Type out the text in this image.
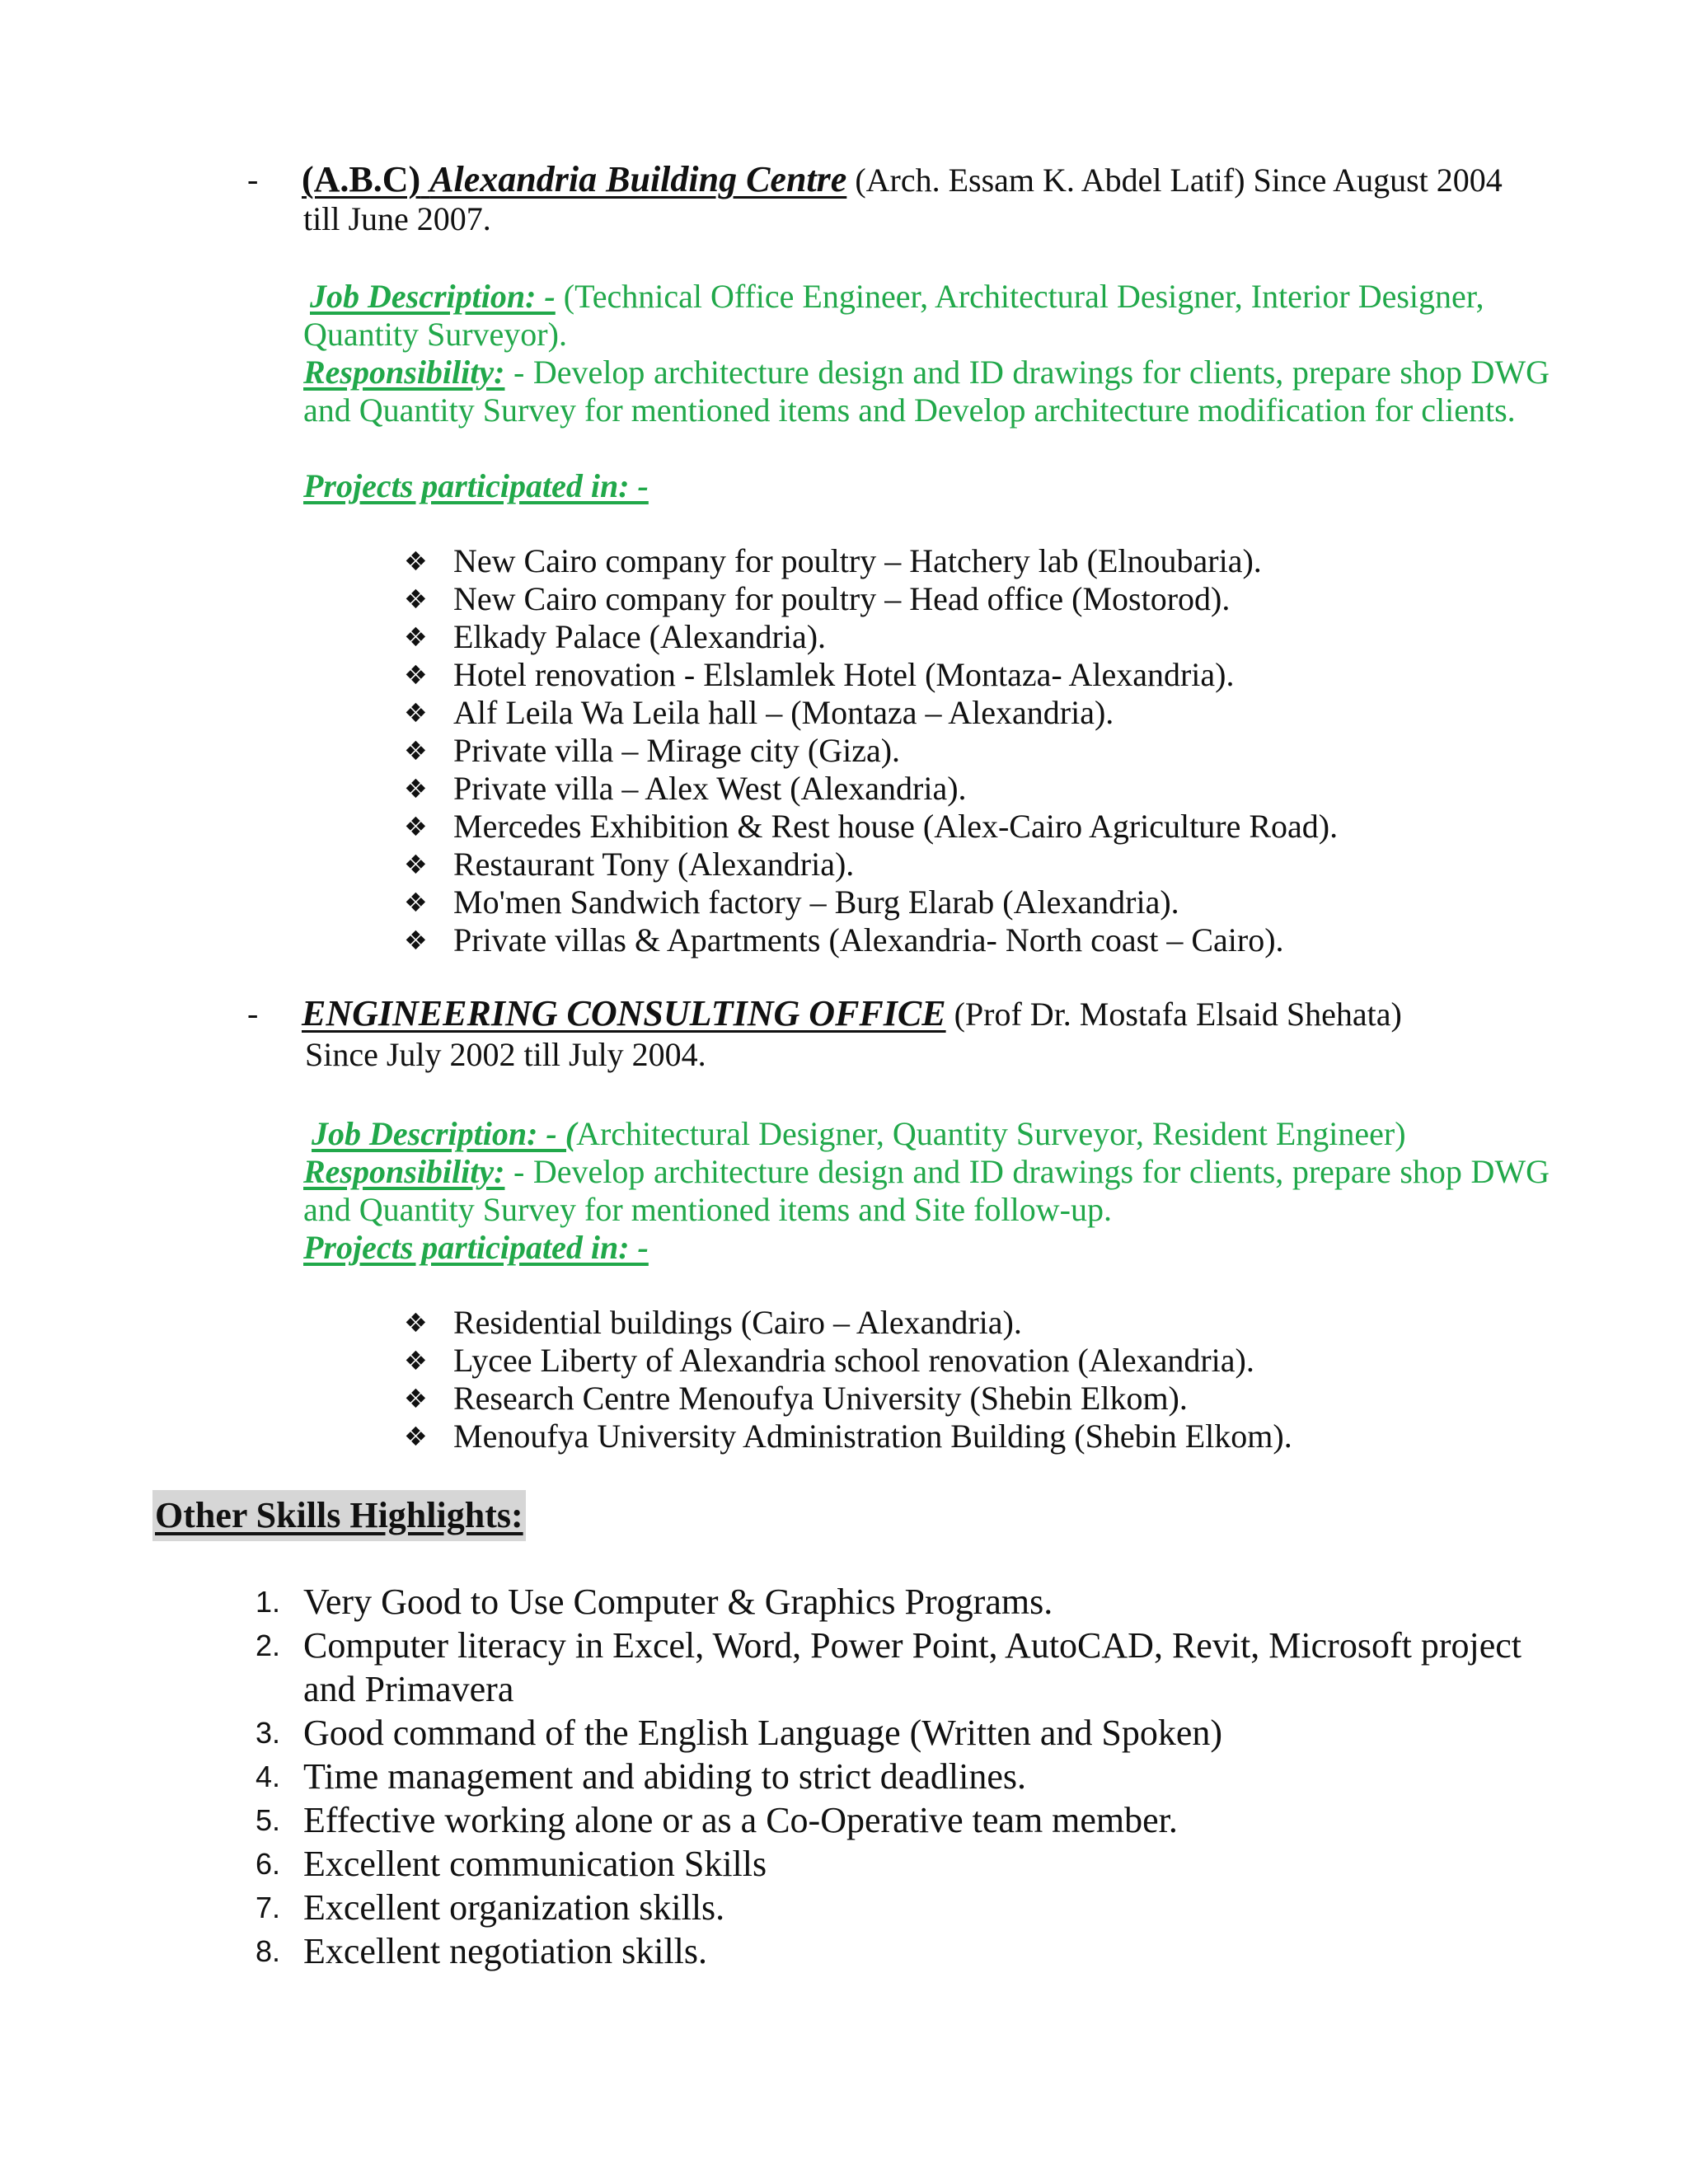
- (A.B.C) Alexandria Building Centre (Arch. Essam K. Abdel Latif) Since August 2004
till June 2007.
Job Description: - (Technical Office Engineer, Architectural Designer, Interior Designer, Quantity Surveyor).
Responsibility: - Develop architecture design and ID drawings for clients, prepare shop DWG and Quantity Survey for mentioned items and Develop architecture modification for clients.
Projects participated in: -
❖ New Cairo company for poultry – Hatchery lab (Elnoubaria).
❖ New Cairo company for poultry – Head office (Mostorod).
❖ Elkady Palace (Alexandria).
❖ Hotel renovation - Elslamlek Hotel (Montaza- Alexandria).
❖ Alf Leila Wa Leila hall – (Montaza – Alexandria).
❖ Private villa – Mirage city (Giza).
❖ Private villa – Alex West (Alexandria).
❖ Mercedes Exhibition & Rest house (Alex-Cairo Agriculture Road).
❖ Restaurant Tony (Alexandria).
❖ Mo'men Sandwich factory – Burg Elarab (Alexandria).
❖ Private villas & Apartments (Alexandria- North coast – Cairo).
- ENGINEERING CONSULTING OFFICE (Prof Dr. Mostafa Elsaid Shehata)
Since July 2002 till July 2004.
Job Description: - (Architectural Designer, Quantity Surveyor, Resident Engineer)
Responsibility: - Develop architecture design and ID drawings for clients, prepare shop DWG and Quantity Survey for mentioned items and Site follow-up.
Projects participated in: -
❖ Residential buildings (Cairo – Alexandria).
❖ Lycee Liberty of Alexandria school renovation (Alexandria).
❖ Research Centre Menoufya University (Shebin Elkom).
❖ Menoufya University Administration Building (Shebin Elkom).
Other Skills Highlights:
1. Very Good to Use Computer & Graphics Programs.
2. Computer literacy in Excel, Word, Power Point, AutoCAD, Revit, Microsoft project and Primavera
3. Good command of the English Language (Written and Spoken)
4. Time management and abiding to strict deadlines.
5. Effective working alone or as a Co-Operative team member.
6. Excellent communication Skills
7. Excellent organization skills.
8. Excellent negotiation skills.
